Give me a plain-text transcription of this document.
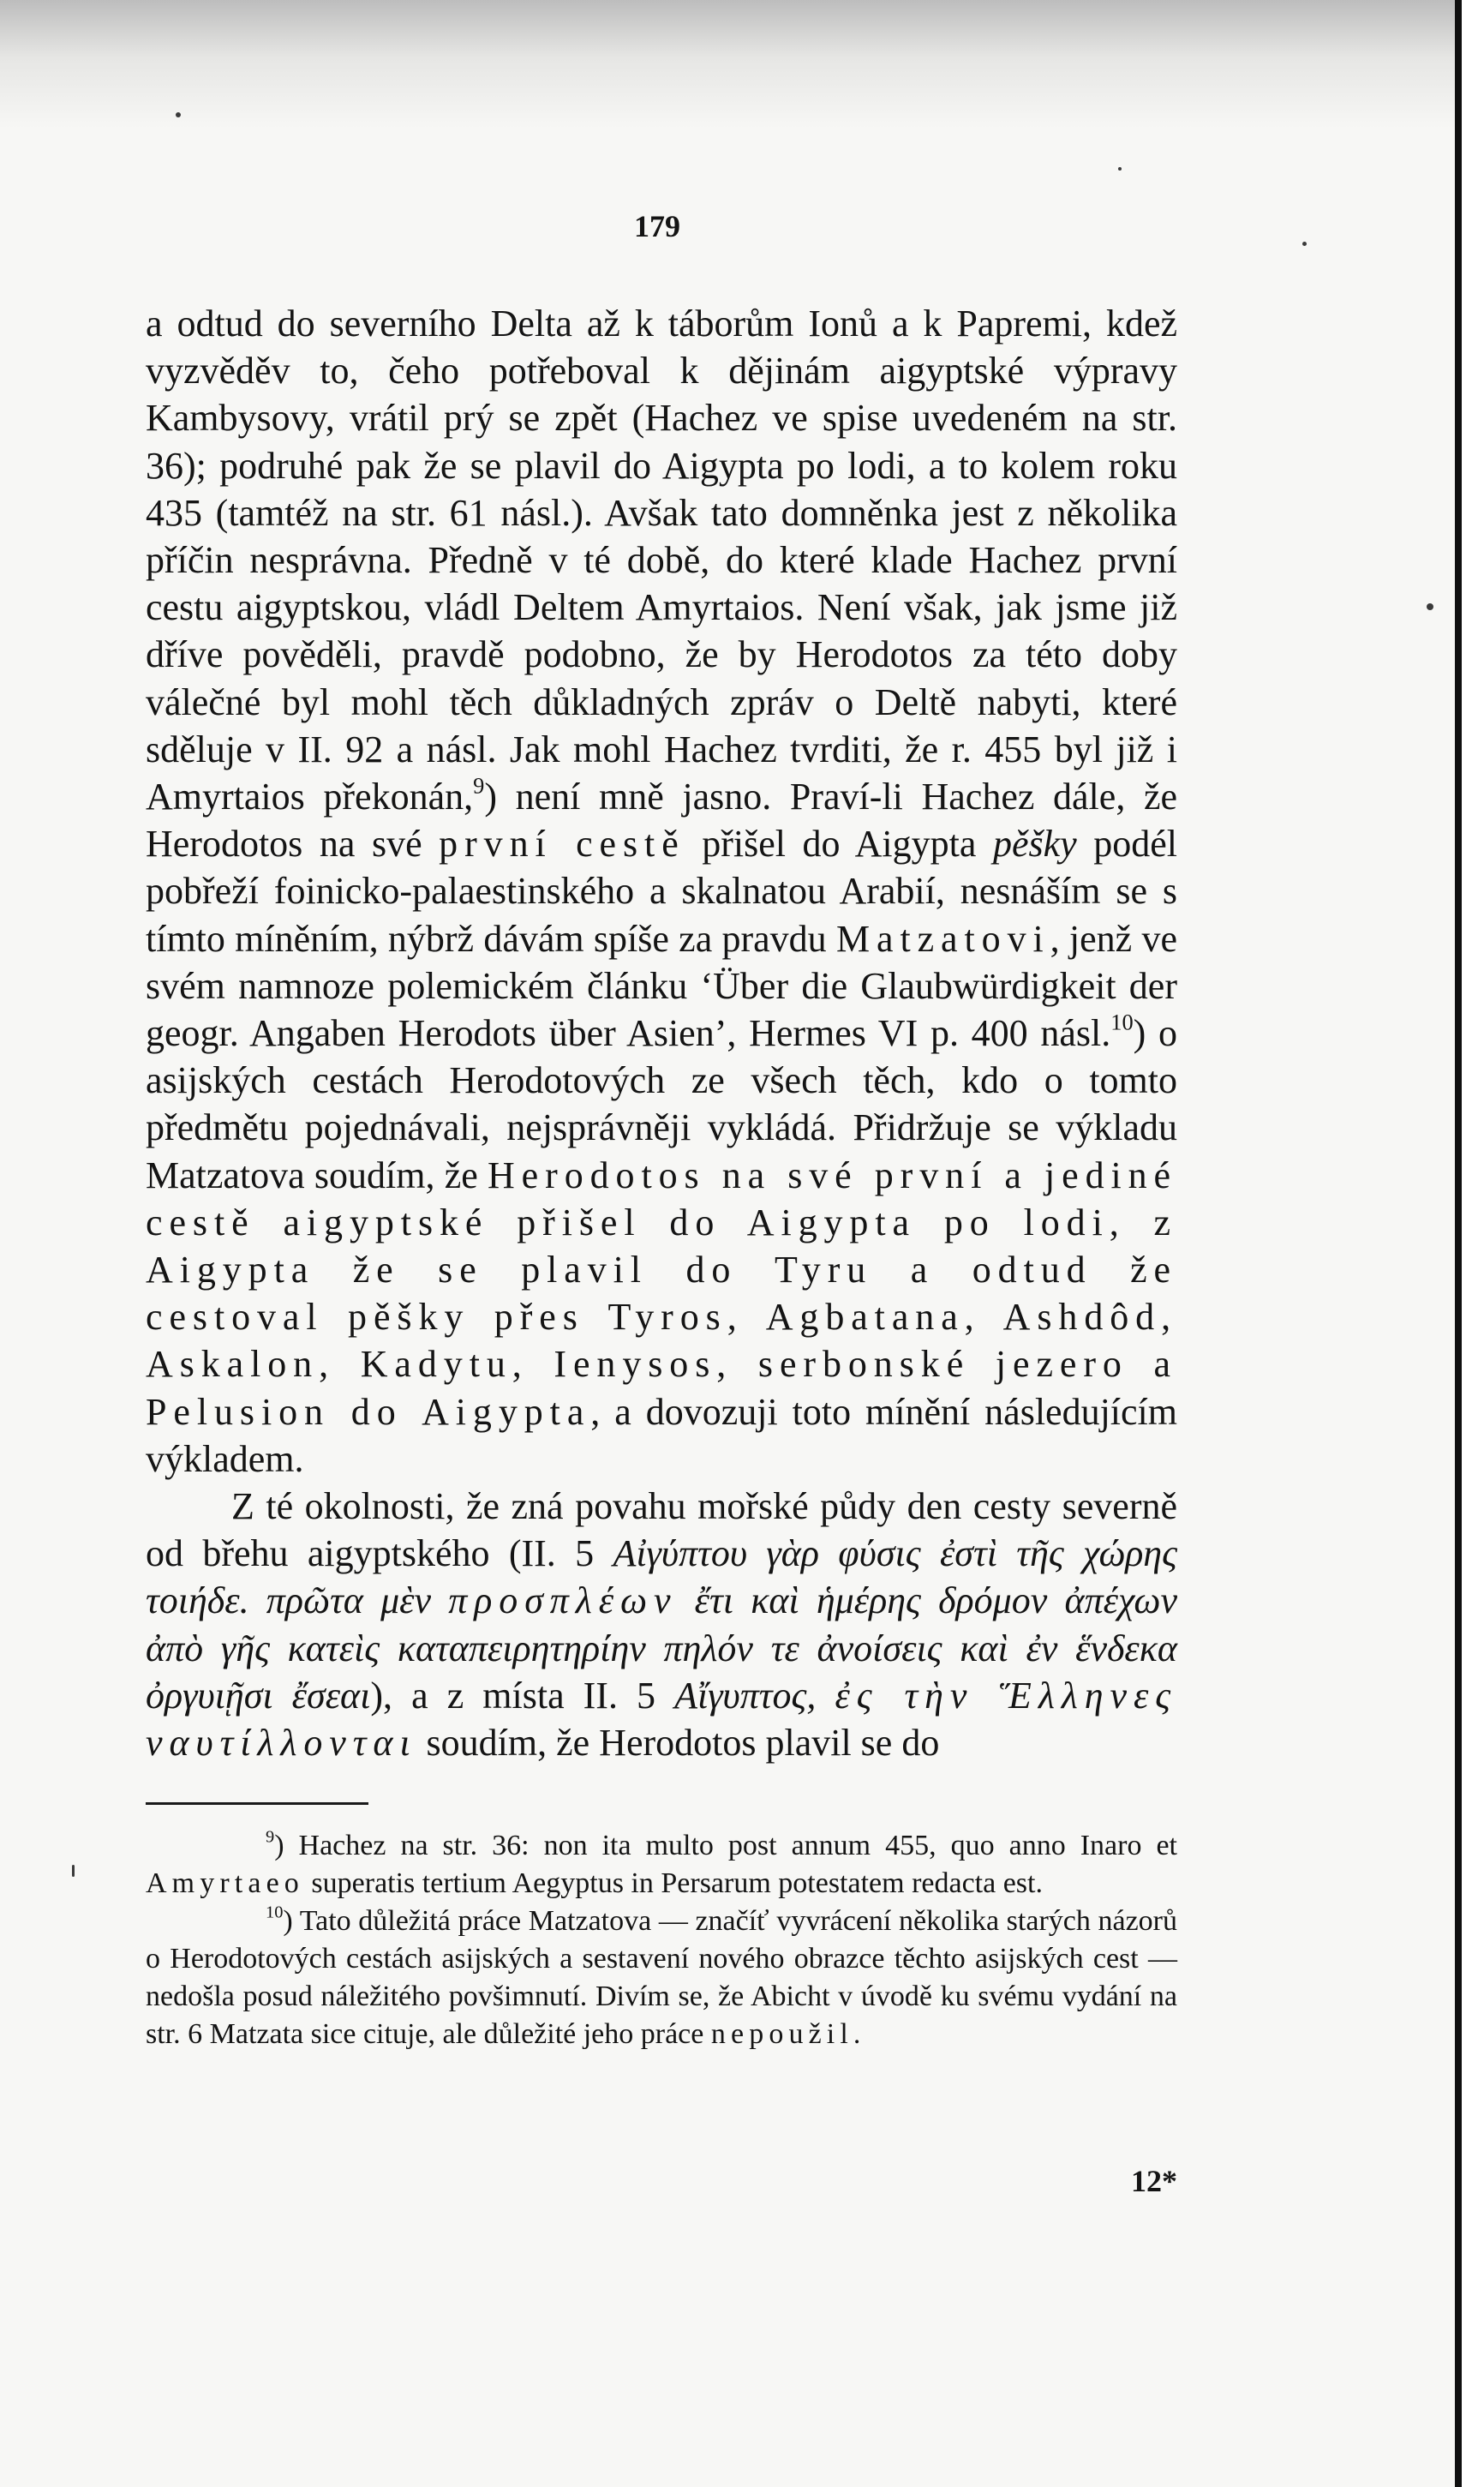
179

a odtud do severního Delta až k táborům Ionů a k Papremi, kdež vyzvěděv to, čeho potřeboval k dějinám aigyptské výpravy Kambysovy, vrátil prý se zpět (Hachez ve spise uvedeném na str. 36); podruhé pak že se plavil do Aigypta po lodi, a to kolem roku 435 (tamtéž na str. 61 násl.). Avšak tato domněnka jest z několika příčin nesprávna. Předně v té době, do které klade Hachez první cestu aigyptskou, vládl Deltem Amyrtaios. Není však, jak jsme již dříve pověděli, pravdě podobno, že by Herodotos za této doby válečné byl mohl těch důkladných zpráv o Deltě nabyti, které sděluje v II. 92 a násl. Jak mohl Hachez tvrditi, že r. 455 byl již i Amyrtaios překonán,$^9$) není mně jasno. Praví-li Hachez dále, že Herodotos na své první cestě přišel do Aigypta pěšky podél pobřeží foinicko-palaestinského a skalnatou Arabií, nesnáším se s tímto míněním, nýbrž dávám spíše za pravdu Matzatovi, jenž ve svém namnoze polemickém článku ‘Über die Glaubwürdigkeit der geogr. Angaben Herodots über Asien’, Hermes VI p. 400 násl.$^{10}$) o asijských cestách Herodotových ze všech těch, kdo o tomto předmětu pojednávali, nejsprávněji vykládá. Přidržuje se výkladu Matzatova soudím, že Herodotos na své první a jediné cestě aigyptské přišel do Aigypta po lodi, z Aigypta že se plavil do Tyru a odtud že cestoval pěšky přes Tyros, Agbatana, Ashdôd, Askalon, Kadytu, Ienysos, serbonské jezero a Pelusion do Aigypta, a dovozuji toto mínění následujícím výkladem.

Z té okolnosti, že zná povahu mořské půdy den cesty severně od břehu aigyptského (II. 5 Αἰγύπτου γὰρ φύσις ἐστὶ τῆς χώρης τοιήδε. πρῶτα μὲν προσπλέων ἔτι καὶ ἡμέρης δρόμον ἀπέχων ἀπὸ γῆς κατεὶς καταπειρητηρίην πηλόν τε ἀνοίσεις καὶ ἐν ἕνδεκα ὀργυιῇσι ἔσεαι), a z místa II. 5 Αἴγυπτος, ἐς τὴν Ἕλληνες ναυτίλλονται soudím, že Herodotos plavil se do

$^9$) Hachez na str. 36: non ita multo post annum 455, quo anno Inaro et Amyrtaeo superatis tertium Aegyptus in Persarum potestatem redacta est.

$^{10}$) Tato důležitá práce Matzatova — značíť vyvrácení několika starých názorů o Herodotových cestách asijských a sestavení nového obrazce těchto asijských cest — nedošla posud náležitého povšimnutí. Divím se, že Abicht v úvodě ku svému vydání na str. 6 Matzata sice cituje, ale důležité jeho práce nepoužil.

12*
